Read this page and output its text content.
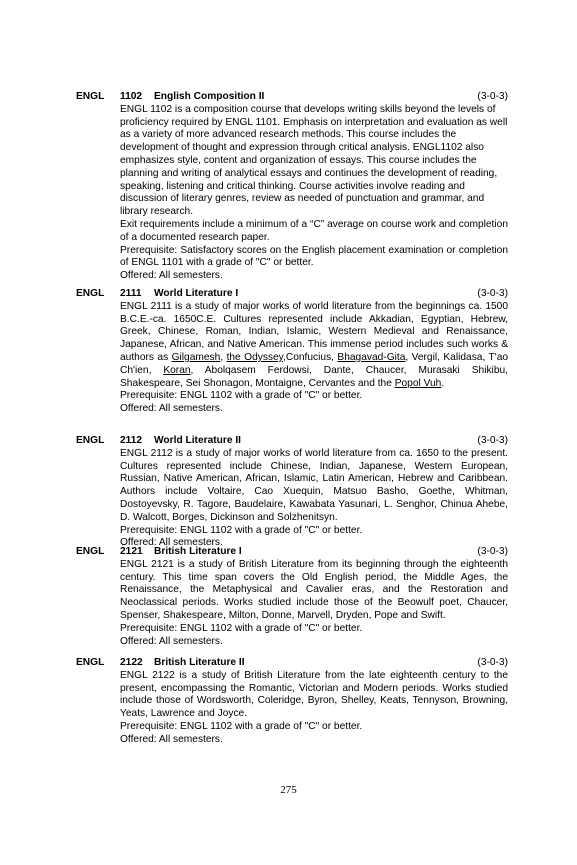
ENGL 1102 English Composition II	(3-0-3)

ENGL 1102 is a composition course that develops writing skills beyond the levels of proficiency required by ENGL 1101. Emphasis on interpretation and evaluation as well as a variety of more advanced research methods. This course includes the development of thought and expression through critical analysis. ENGL1102 also emphasizes style, content and organization of essays. This course includes the planning and writing of analytical essays and continues the development of reading, speaking, listening and critical thinking. Course activities involve reading and discussion of literary genres, review as needed of punctuation and grammar, and library research.

Exit requirements include a minimum of a “C” average on course work and completion of a documented research paper.

Prerequisite: Satisfactory scores on the English placement examination or completion of ENGL 1101 with a grade of "C" or better.

Offered: All semesters.

ENGL 2111 World Literature I	(3-0-3)

ENGL 2111 is a study of major works of world literature from the beginnings ca. 1500 B.C.E.-ca. 1650C.E. Cultures represented include Akkadian, Egyptian, Hebrew, Greek, Chinese, Roman, Indian, Islamic, Western Medieval and Renaissance, Japanese, African, and Native American. This immense period includes such works & authors as Gilgamesh, the Odyssey,Confucius, Bhagavad-Gita, Vergil, Kalidasa, T'ao Ch'ien, Koran, Abolqasem Ferdowsi, Dante, Chaucer, Murasaki Shikibu, Shakespeare, Sei Shonagon, Montaigne, Cervantes and the Popol Vuh.

Prerequisite: ENGL 1102 with a grade of "C" or better.

Offered: All semesters.

ENGL 2112 World Literature II	(3-0-3)

ENGL 2112 is a study of major works of world literature from ca. 1650 to the present. Cultures represented include Chinese, Indian, Japanese, Western European, Russian, Native American, African, Islamic, Latin American, Hebrew and Caribbean. Authors include Voltaire, Cao Xuequin, Matsuo Basho, Goethe, Whitman, Dostoyevsky, R. Tagore, Baudelaire, Kawabata Yasunari, L. Senghor, Chinua Ahebe, D. Walcott, Borges, Dickinson and Solzhenitsyn.

Prerequisite: ENGL 1102 with a grade of "C" or better.

Offered: All semesters.

ENGL 2121 British Literature I	(3-0-3)

ENGL 2121 is a study of British Literature from its beginning through the eighteenth century. This time span covers the Old English period, the Middle Ages, the Renaissance, the Metaphysical and Cavalier eras, and the Restoration and Neoclassical periods. Works studied include those of the Beowulf poet, Chaucer, Spenser, Shakespeare, Milton, Donne, Marvell, Dryden, Pope and Swift.

Prerequisite: ENGL 1102 with a grade of "C" or better.

Offered: All semesters.

ENGL 2122 British Literature II	(3-0-3)

ENGL 2122 is a study of British Literature from the late eighteenth century to the present, encompassing the Romantic, Victorian and Modern periods. Works studied include those of Wordsworth, Coleridge, Byron, Shelley, Keats, Tennyson, Browning, Yeats, Lawrence and Joyce.

Prerequisite: ENGL 1102 with a grade of "C" or better.

Offered: All semesters.

275
